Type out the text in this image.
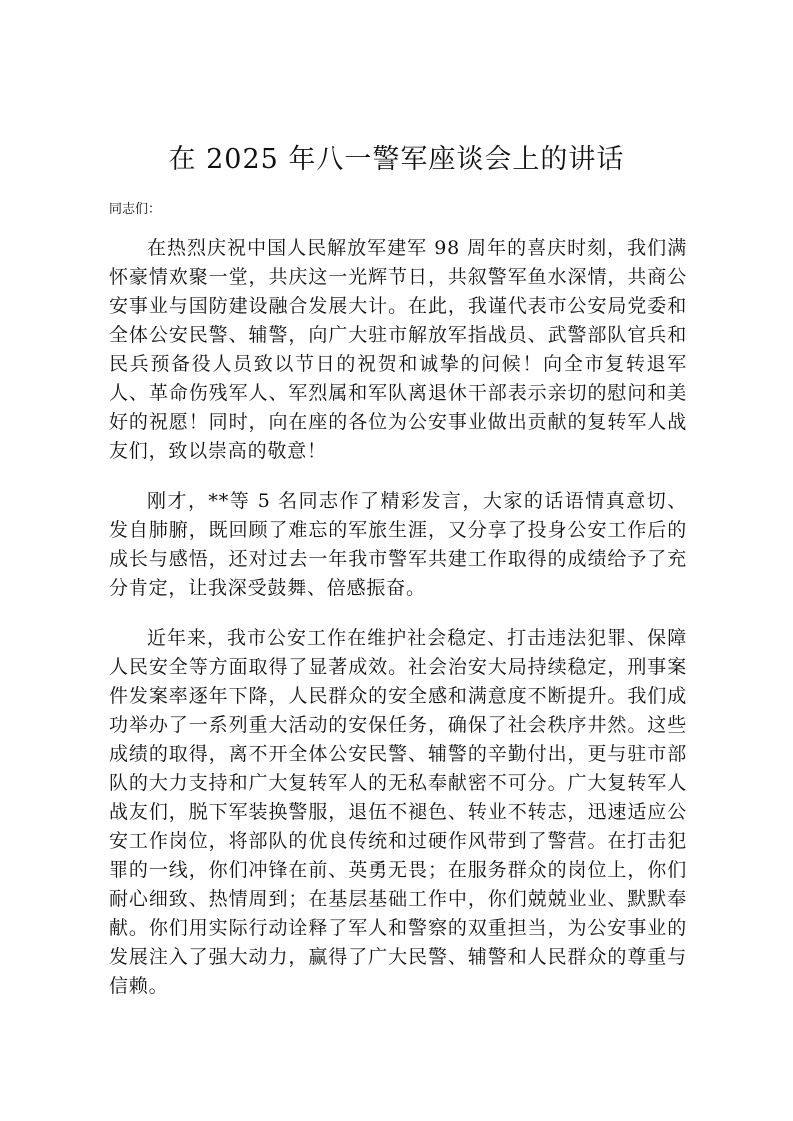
在 2025 年八一警军座谈会上的讲话

同志们：

在热烈庆祝中国人民解放军建军 98 周年的喜庆时刻，我们满怀豪情欢聚一堂，共庆这一光辉节日，共叙警军鱼水深情，共商公安事业与国防建设融合发展大计。在此，我谨代表市公安局党委和全体公安民警、辅警，向广大驻市解放军指战员、武警部队官兵和民兵预备役人员致以节日的祝贺和诚挚的问候！向全市复转退军人、革命伤残军人、军烈属和军队离退休干部表示亲切的慰问和美好的祝愿！同时，向在座的各位为公安事业做出贡献的复转军人战友们，致以崇高的敬意！

刚才，**等 5 名同志作了精彩发言，大家的话语情真意切、发自肺腑，既回顾了难忘的军旅生涯，又分享了投身公安工作后的成长与感悟，还对过去一年我市警军共建工作取得的成绩给予了充分肯定，让我深受鼓舞、倍感振奋。

近年来，我市公安工作在维护社会稳定、打击违法犯罪、保障人民安全等方面取得了显著成效。社会治安大局持续稳定，刑事案件发案率逐年下降，人民群众的安全感和满意度不断提升。我们成功举办了一系列重大活动的安保任务，确保了社会秩序井然。这些成绩的取得，离不开全体公安民警、辅警的辛勤付出，更与驻市部队的大力支持和广大复转军人的无私奉献密不可分。广大复转军人战友们，脱下军装换警服，退伍不褪色、转业不转志，迅速适应公安工作岗位，将部队的优良传统和过硬作风带到了警营。在打击犯罪的一线，你们冲锋在前、英勇无畏；在服务群众的岗位上，你们耐心细致、热情周到；在基层基础工作中，你们兢兢业业、默默奉献。你们用实际行动诠释了军人和警察的双重担当，为公安事业的发展注入了强大动力，赢得了广大民警、辅警和人民群众的尊重与信赖。
